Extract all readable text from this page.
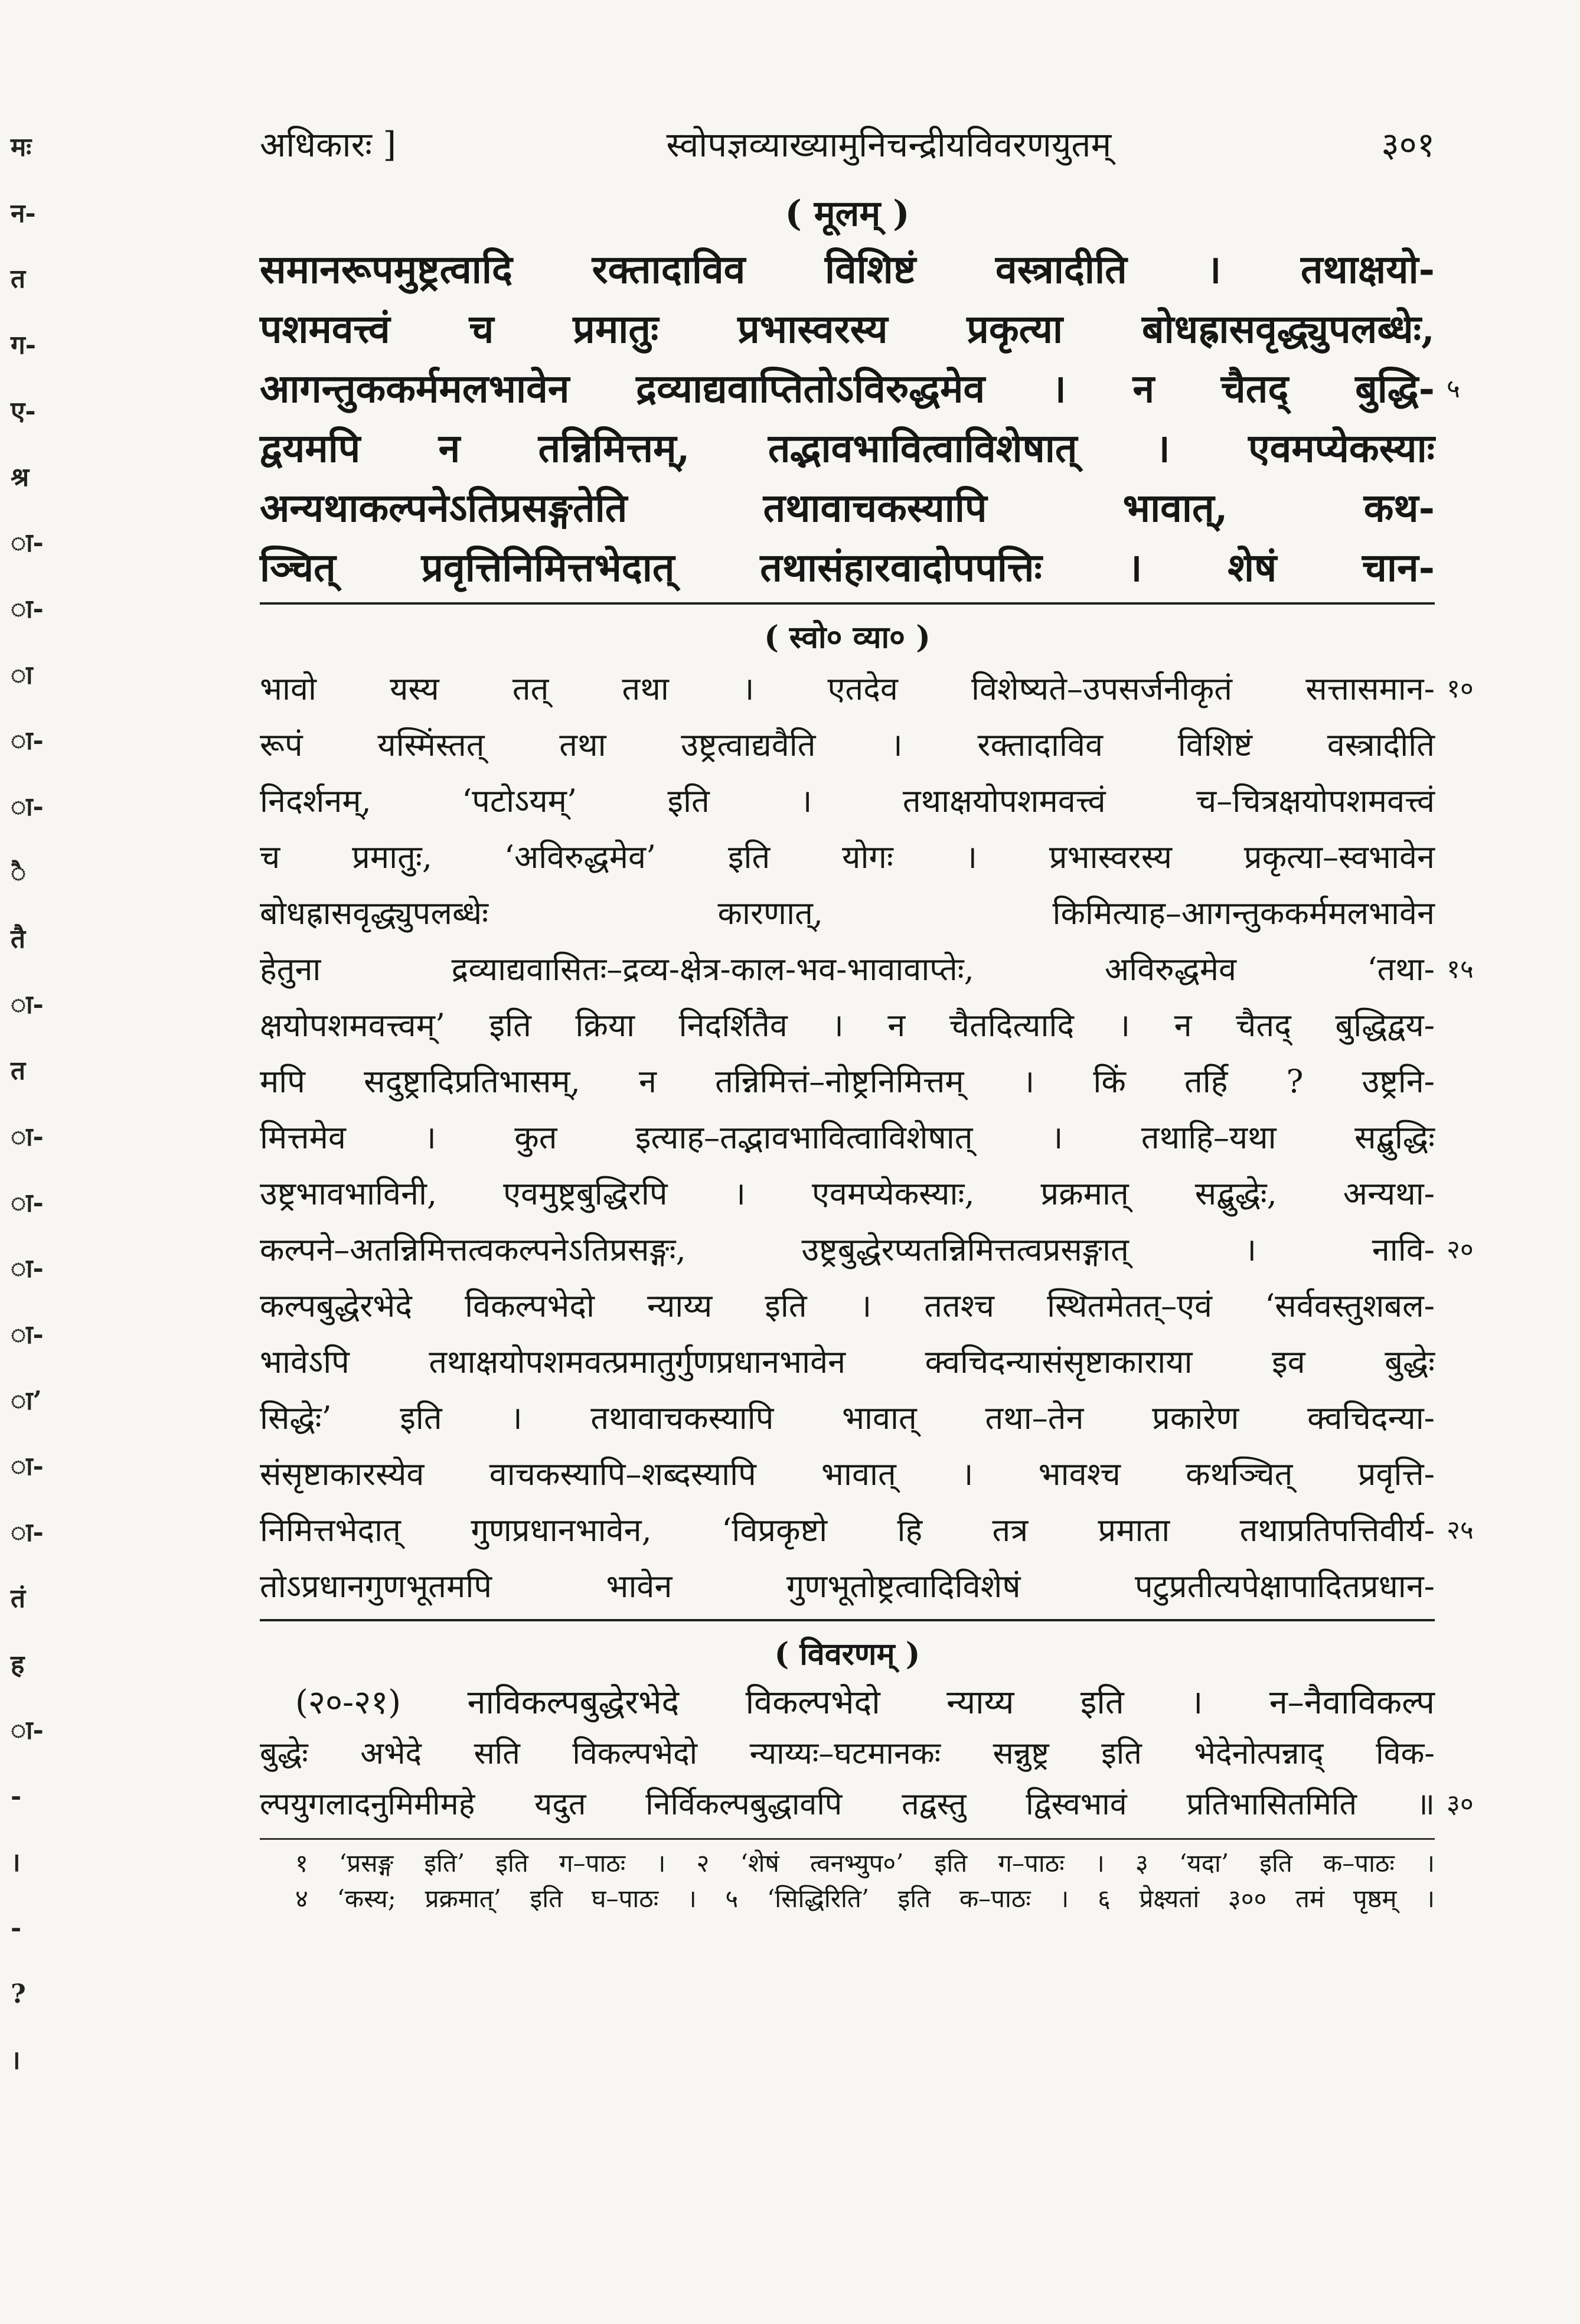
मः
न-
त
ग-
ए-
श्र
ा-
ा-
ा
ा-
ा-
ै
तै
ा-
त
ा-
ा-
ा-
ा-
ा’
ा-
ा-
तं
ह
ा-
-
।
-
?
।
अधिकारः ]	स्वोपज्ञव्याख्यामुनिचन्द्रीयविवरणयुतम्	३०१
( मूलम् )
समानरूपमुष्ट्रत्वादि रक्तादाविव विशिष्टं वस्त्रादीति । तथाक्षयो-
पशमवत्त्वं च प्रमातुः प्रभास्वरस्य प्रकृत्या बोधह्रासवृद्ध्युपलब्धेः,
आगन्तुककर्ममलभावेन द्रव्याद्यवाप्तितोऽविरुद्धमेव । न चैतद् बुद्धि- ५
द्वयमपि न तन्निमित्तम्, तद्भावभावित्वाविशेषात् । एवमप्येकस्याः
अन्यथाकल्पनेऽतिप्रसङ्गतेति तथावाचकस्यापि भावात्, कथ-
ञ्चित् प्रवृत्तिनिमित्तभेदात् तथासंहारवादोपपत्तिः । शेषं चान-
( स्वो० व्या० )
भावो यस्य तत् तथा । एतदेव विशेष्यते–उपसर्जनीकृतं सत्तासमान- १०
रूपं यस्मिंस्तत् तथा उष्ट्रत्वाद्यवैति । रक्तादाविव विशिष्टं वस्त्रादीति
निदर्शनम्, ‘पटोऽयम्’ इति । तथाक्षयोपशमवत्त्वं च–चित्रक्षयोपशमवत्त्वं
च प्रमातुः, ‘अविरुद्धमेव’ इति योगः । प्रभास्वरस्य प्रकृत्या–स्वभावेन
बोधह्रासवृद्ध्युपलब्धेः कारणात्, किमित्याह–आगन्तुककर्ममलभावेन
हेतुना द्रव्याद्यवासितः–द्रव्य-क्षेत्र-काल-भव-भावावाप्तेः, अविरुद्धमेव ‘तथा- १५
क्षयोपशमवत्त्वम्’ इति क्रिया निदर्शितैव । न चैतदित्यादि । न चैतद् बुद्धिद्वय-
मपि सदुष्ट्रादिप्रतिभासम्, न तन्निमित्तं–नोष्ट्रनिमित्तम् । किं तर्हि ? उष्ट्रनि-
मित्तमेव । कुत इत्याह–तद्भावभावित्वाविशेषात् । तथाहि–यथा सद्बुद्धिः
उष्ट्रभावभाविनी, एवमुष्ट्रबुद्धिरपि । एवमप्येकस्याः, प्रक्रमात् सद्बुद्धेः, अन्यथा-
कल्पने–अतन्निमित्तत्वकल्पनेऽतिप्रसङ्गः, उष्ट्रबुद्धेरप्यतन्निमित्तत्वप्रसङ्गात् । नावि- २०
कल्पबुद्धेरभेदे विकल्पभेदो न्याय्य इति । ततश्च स्थितमेतत्–एवं ‘सर्ववस्तुशबल-
भावेऽपि तथाक्षयोपशमवत्प्रमातुर्गुणप्रधानभावेन क्वचिदन्यासंसृष्टाकाराया इव बुद्धेः
सिद्धेः’ इति । तथावाचकस्यापि भावात् तथा–तेन प्रकारेण क्वचिदन्या-
संसृष्टाकारस्येव वाचकस्यापि–शब्दस्यापि भावात् । भावश्च कथञ्चित् प्रवृत्ति-
निमित्तभेदात् गुणप्रधानभावेन, ‘विप्रकृष्टो हि तत्र प्रमाता तथाप्रतिपत्तिवीर्य- २५
तोऽप्रधानगुणभूतमपि भावेन गुणभूतोष्ट्रत्वादिविशेषं पटुप्रतीत्यपेक्षापादितप्रधान-
( विवरणम् )
(२०-२१) नाविकल्पबुद्धेरभेदे विकल्पभेदो न्याय्य इति । न–नैवाविकल्प
बुद्धेः अभेदे सति विकल्पभेदो न्याय्यः–घटमानकः सन्नुष्ट्र इति भेदेनोत्पन्नाद् विक-
ल्पयुगलादनुमिमीमहे यदुत निर्विकल्पबुद्धावपि तद्वस्तु द्विस्वभावं प्रतिभासितमिति ॥ ३०
१ ‘प्रसङ्ग इति’ इति ग–पाठः । २ ‘शेषं त्वनभ्युप०’ इति ग–पाठः । ३ ‘यदा’ इति क–पाठः ।
४ ‘कस्य; प्रक्रमात्’ इति घ–पाठः । ५ ‘सिद्धिरिति’ इति क–पाठः । ६ प्रेक्ष्यतां ३०० तमं पृष्ठम् ।
